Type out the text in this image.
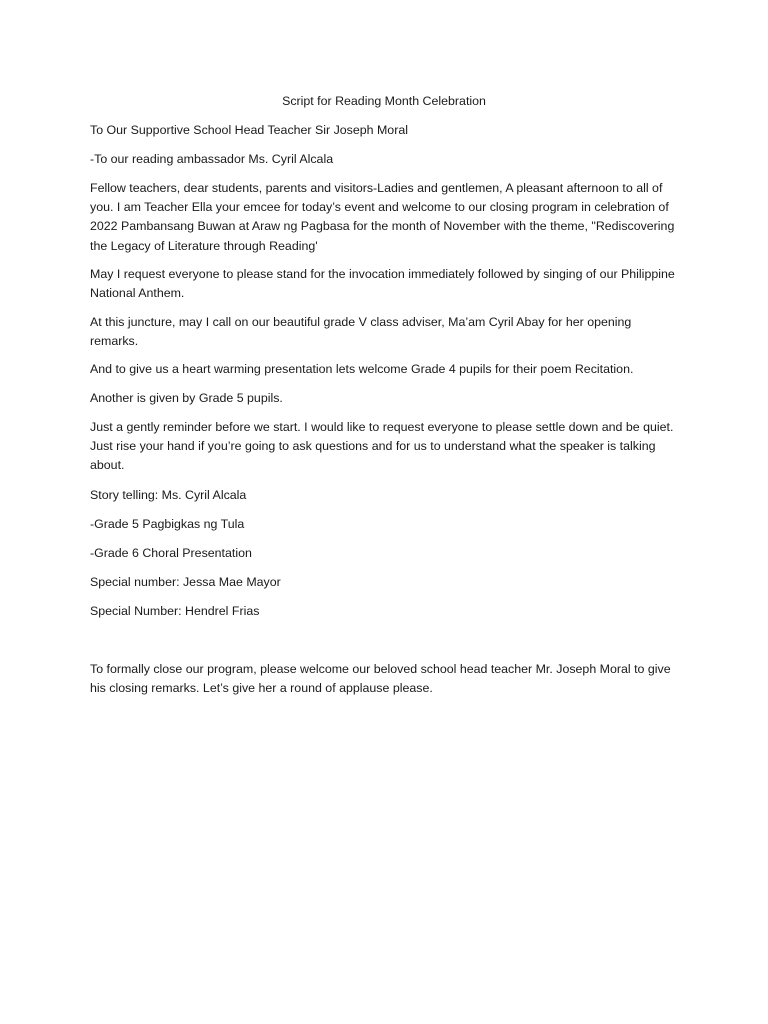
Script for Reading Month Celebration

To Our Supportive School Head Teacher Sir Joseph Moral

-To our reading ambassador Ms. Cyril Alcala

Fellow teachers, dear students, parents and visitors-Ladies and gentlemen, A pleasant afternoon to all of you. I am Teacher Ella your emcee for today’s event and welcome to our closing program in celebration of 2022 Pambansang Buwan at Araw ng Pagbasa for the month of November with the theme, "Rediscovering the Legacy of Literature through Reading'

May I request everyone to please stand for the invocation immediately followed by singing of our Philippine National Anthem.

At this juncture, may I call on our beautiful grade V class adviser, Ma’am Cyril Abay for her opening remarks.

And to give us a heart warming presentation lets welcome Grade 4 pupils for their poem Recitation.

Another is given by Grade 5 pupils.

Just a gently reminder before we start. I would like to request everyone to please settle down and be quiet. Just rise your hand if you’re going to ask questions and for us to understand what the speaker is talking about.

Story telling: Ms. Cyril Alcala

-Grade 5 Pagbigkas ng Tula

-Grade 6 Choral Presentation

Special number: Jessa Mae Mayor

Special Number: Hendrel Frias

To formally close our program, please welcome our beloved school head teacher Mr. Joseph Moral to give his closing remarks. Let’s give her a round of applause please.
